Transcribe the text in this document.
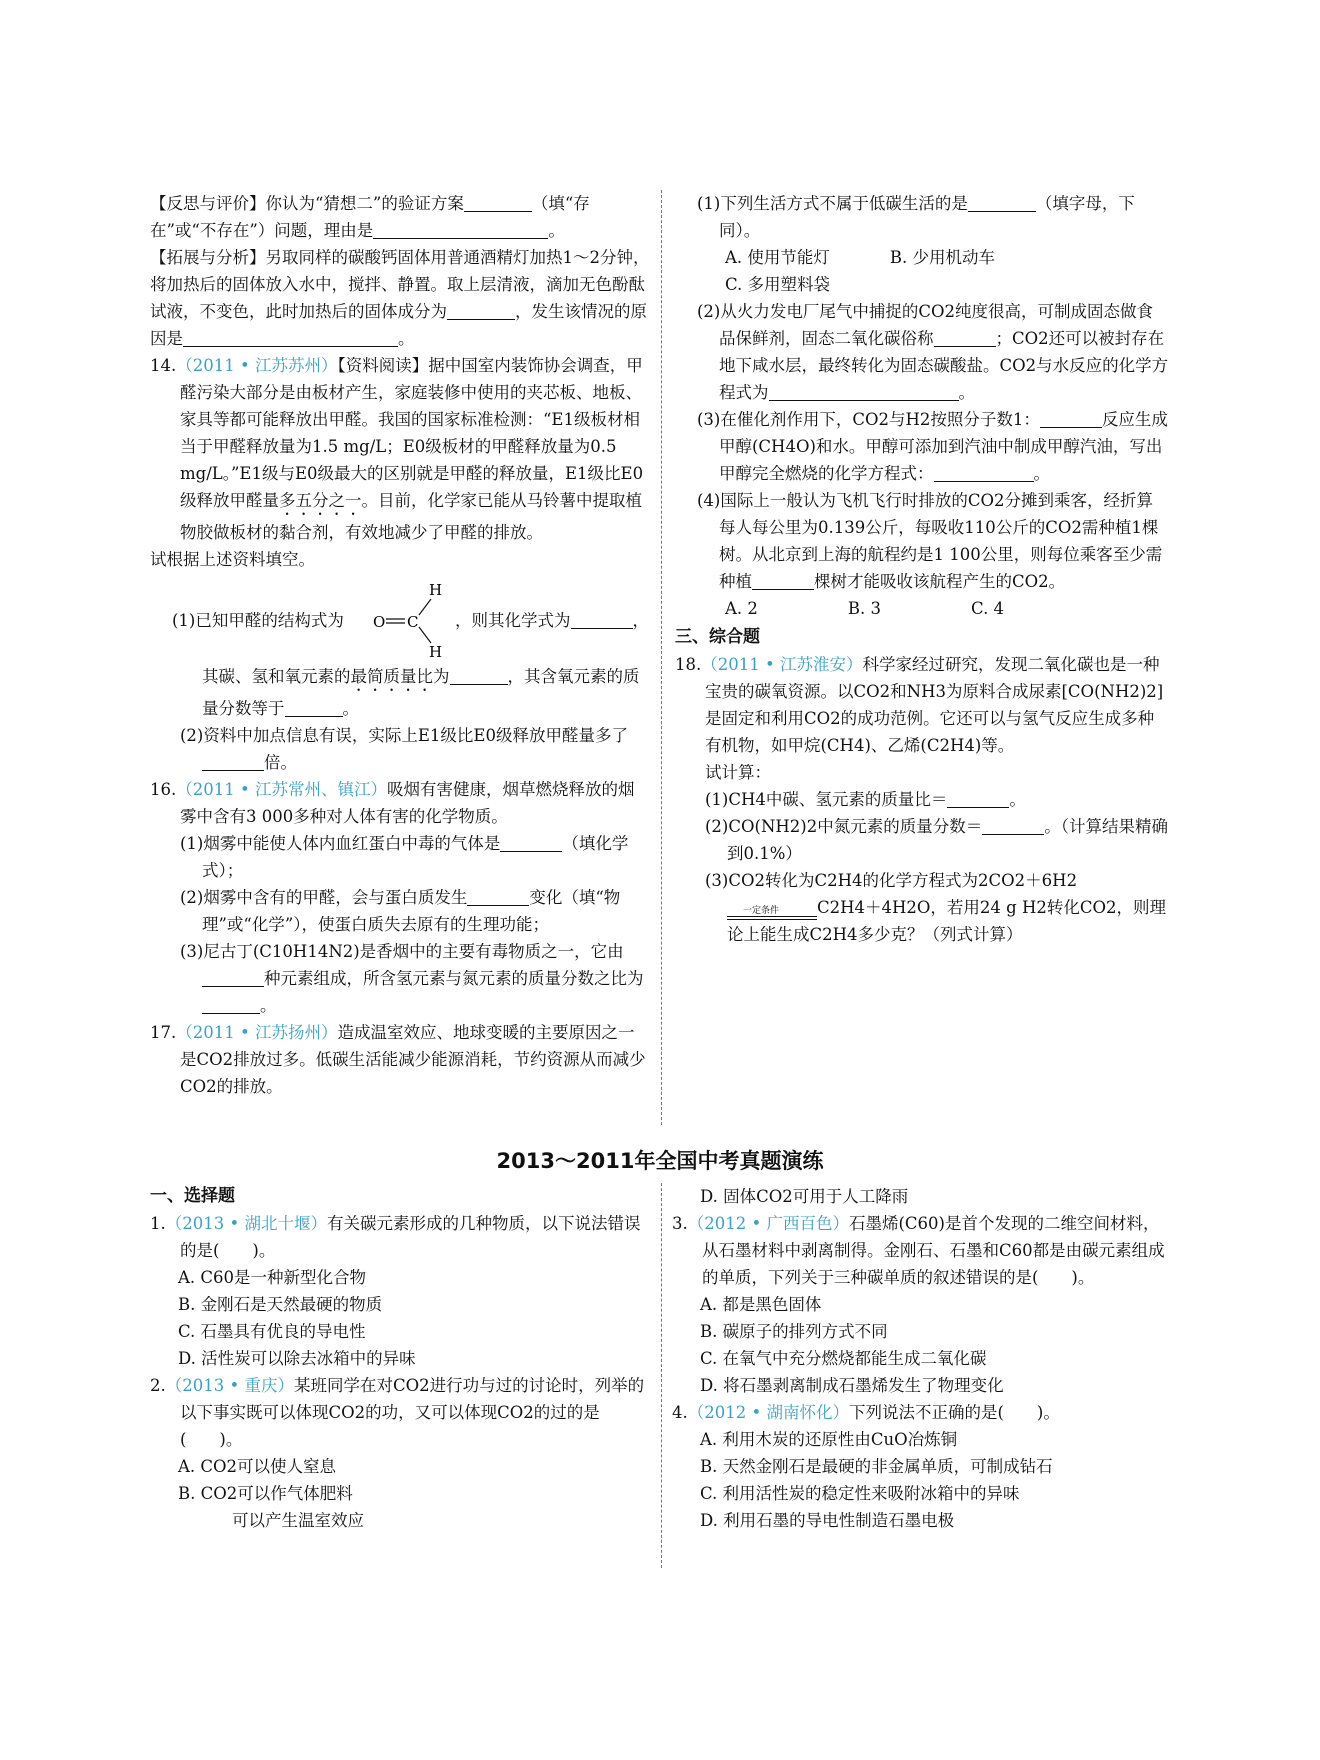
【反思与评价】你认为“猜想二”的验证方案	（填“存在”或“不存在”）问题，理由是	。

【拓展与分析】另取同样的碳酸钙固体用普通酒精灯加热1～2分钟，将加热后的固体放入水中，搅拌、静置。取上层清液，滴加无色酚酞试液，不变色，此时加热后的固体成分为	，发生该情况的原因是	。

14.（2011 • 江苏苏州）【资料阅读】据中国室内装饰协会调查，甲醛污染大部分是由板材产生，家庭装修中使用的夹芯板、地板、家具等都可能释放出甲醛。我国的国家标准检测：“E1级板材相当于甲醛释放量为1.5 mg/L；E0级板材的甲醛释放量为0.5 mg/L。”E1级与E0级最大的区别就是甲醛的释放量，E1级比E0级释放甲醛量多五分之一。目前，化学家已能从马铃薯中提取植物胶做板材的黏合剂，有效地减少了甲醛的排放。

试根据上述资料填空。

(1)已知甲醛的结构式为 O C
H
H
，则其化学式为	，

其碳、氢和氧元素的最简质量比为	，其含氧元素的质量分数等于	。

(2)资料中加点信息有误，实际上E1级比E0级释放甲醛量多了倍。

16.（2011 • 江苏常州、镇江）吸烟有害健康，烟草燃烧释放的烟雾中含有3 000多种对人体有害的化学物质。

(1)烟雾中能使人体内血红蛋白中毒的气体是	（填化学式）；

(2)烟雾中含有的甲醛，会与蛋白质发生	变化（填“物理”或“化学”），使蛋白质失去原有的生理功能；

(3)尼古丁(C10H14N2)是香烟中的主要有毒物质之一，它由种元素组成，所含氢元素与氮元素的质量分数之比为。

17.（2011 • 江苏扬州）造成温室效应、地球变暖的主要原因之一是CO2排放过多。低碳生活能减少能源消耗，节约资源从而减少CO2的排放。

(1)下列生活方式不属于低碳生活的是	（填字母，下同）。

A. 使用节能灯	B. 少用机动车

C. 多用塑料袋

(2)从火力发电厂尾气中捕捉的CO2纯度很高，可制成固态做食品保鲜剂，固态二氧化碳俗称	；CO2还可以被封存在地下咸水层，最终转化为固态碳酸盐。CO2与水反应的化学方程式为	。

(3)在催化剂作用下，CO2与H2按照分子数1：	反应生成甲醇(CH4O)和水。甲醇可添加到汽油中制成甲醇汽油，写出甲醇完全燃烧的化学方程式：	。

(4)国际上一般认为飞机飞行时排放的CO2分摊到乘客，经折算每人每公里为0.139公斤，每吸收110公斤的CO2需种植1棵树。从北京到上海的航程约是1 100公里，则每位乘客至少需种植	棵树才能吸收该航程产生的CO2。

A. 2	B. 3	C. 4

三、综合题

18.（2011 • 江苏淮安）科学家经过研究，发现二氧化碳也是一种宝贵的碳氧资源。以CO2和NH3为原料合成尿素[CO(NH2)2]是固定和利用CO2的成功范例。它还可以与氢气反应生成多种有机物，如甲烷(CH4)、乙烯(C2H4)等。

试计算：

(1)CH4中碳、氢元素的质量比＝	。

(2)CO(NH2)2中氮元素的质量分数＝	。（计算结果精确到0.1%）

(3)CO2转化为C2H4的化学方程式为2CO2＋6H2
一定条件	C2H4＋4H2O，若用24 g H2转化CO2，则理论上能生成C2H4多少克？（列式计算）

2013～2011年全国中考真题演练

一、选择题

1.（2013 • 湖北十堰）有关碳元素形成的几种物质，以下说法错误的是(　　)。

A. C60是一种新型化合物

B. 金刚石是天然最硬的物质

C. 石墨具有优良的导电性

D. 活性炭可以除去冰箱中的异味

2.（2013 • 重庆）某班同学在对CO2进行功与过的讨论时，列举的以下事实既可以体现CO2的功，又可以体现CO2的过的是(　　)。

A. CO2可以使人窒息

B. CO2可以作气体肥料

可以产生温室效应

D. 固体CO2可用于人工降雨

3.（2012 • 广西百色）石墨烯(C60)是首个发现的二维空间材料，从石墨材料中剥离制得。金刚石、石墨和C60都是由碳元素组成的单质，下列关于三种碳单质的叙述错误的是(　　)。

A. 都是黑色固体

B. 碳原子的排列方式不同

C. 在氧气中充分燃烧都能生成二氧化碳

D. 将石墨剥离制成石墨烯发生了物理变化

4.（2012 • 湖南怀化）下列说法不正确的是(　　)。

A. 利用木炭的还原性由CuO冶炼铜

B. 天然金刚石是最硬的非金属单质，可制成钻石

C. 利用活性炭的稳定性来吸附冰箱中的异味

D. 利用石墨的导电性制造石墨电极
